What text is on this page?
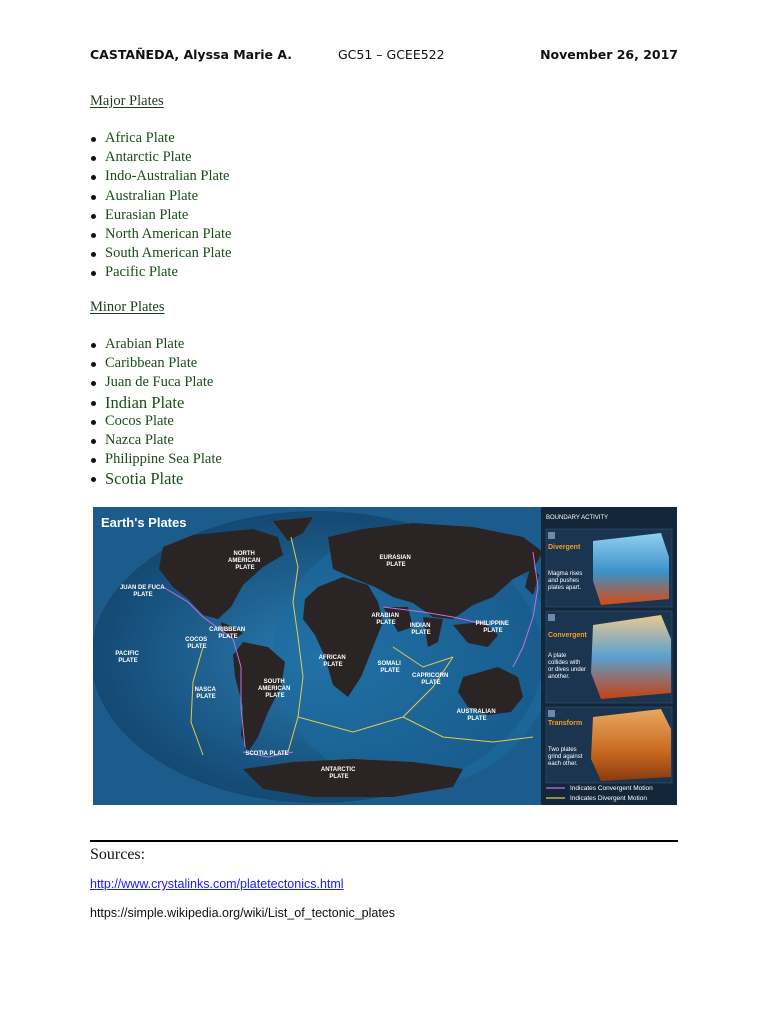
CASTAÑEDA, Alyssa Marie A.	GC51 – GCEE522	November 26, 2017
Major Plates
Africa Plate
Antarctic Plate
Indo-Australian Plate
Australian Plate
Eurasian Plate
North American Plate
South American Plate
Pacific Plate
Minor Plates
Arabian Plate
Caribbean Plate
Juan de Fuca Plate
Indian Plate
Cocos Plate
Nazca Plate
Philippine Sea Plate
Scotia Plate
Earth's Plates
NORTH AMERICAN PLATE
EURASIAN PLATE
JUAN DE FUCA PLATE
CARIBBEAN PLATE
COCOS PLATE
PACIFIC PLATE
NASCA PLATE
SOUTH AMERICAN PLATE
AFRICAN PLATE
ARABIAN PLATE	INDIAN PLATE
PHILIPPINE PLATE
SOMALI PLATE
CAPRICORN PLATE
AUSTRALIAN PLATE
SCOTIA PLATE
ANTARCTIC PLATE
BOUNDARY ACTIVITY
Divergent
Magma rises and pushes plates apart.
Convergent
A plate collides with or dives under another.
Transform
Two plates grind against each other.
Indicates Convergent Motion
Indicates Divergent Motion
Sources:
http://www.crystalinks.com/platetectonics.html
https://simple.wikipedia.org/wiki/List_of_tectonic_plates
